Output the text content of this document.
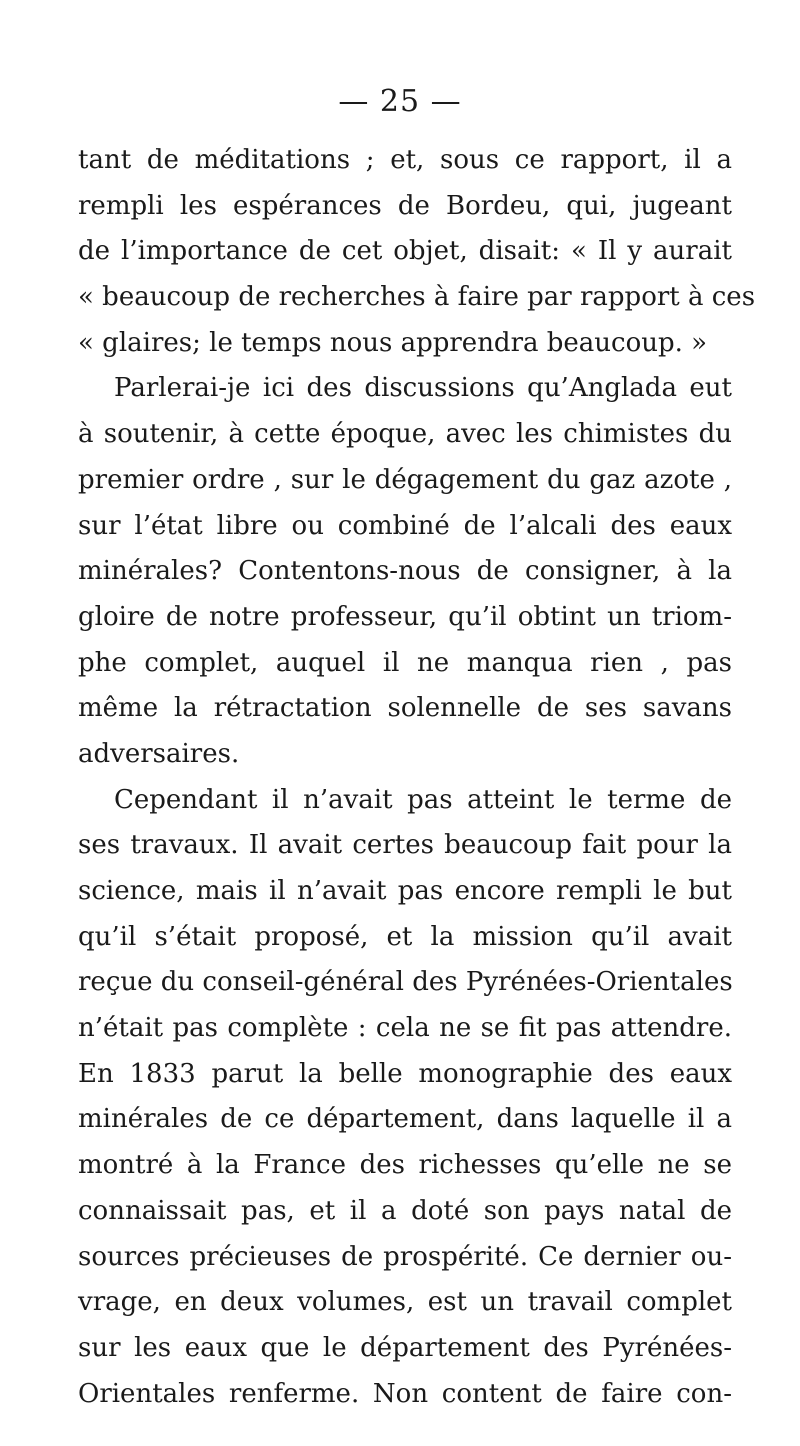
— 25 —
tant de méditations ; et, sous ce rapport, il a
rempli les espérances de Bordeu, qui, jugeant
de l’importance de cet objet, disait: « Il y aurait
« beaucoup de recherches à faire par rapport à ces
« glaires; le temps nous apprendra beaucoup. »
Parlerai-je ici des discussions qu’Anglada eut
à soutenir, à cette époque, avec les chimistes du
premier ordre , sur le dégagement du gaz azote ,
sur l’état libre ou combiné de l’alcali des eaux
minérales? Contentons-nous de consigner, à la
gloire de notre professeur, qu’il obtint un triom-
phe complet, auquel il ne manqua rien , pas
même la rétractation solennelle de ses savans
adversaires.
Cependant il n’avait pas atteint le terme de
ses travaux. Il avait certes beaucoup fait pour la
science, mais il n’avait pas encore rempli le but
qu’il s’était proposé, et la mission qu’il avait
reçue du conseil-général des Pyrénées-Orientales
n’était pas complète : cela ne se fit pas attendre.
En 1833 parut la belle monographie des eaux
minérales de ce département, dans laquelle il a
montré à la France des richesses qu’elle ne se
connaissait pas, et il a doté son pays natal de
sources précieuses de prospérité. Ce dernier ou-
vrage, en deux volumes, est un travail complet
sur les eaux que le département des Pyrénées-
Orientales renferme. Non content de faire con-
